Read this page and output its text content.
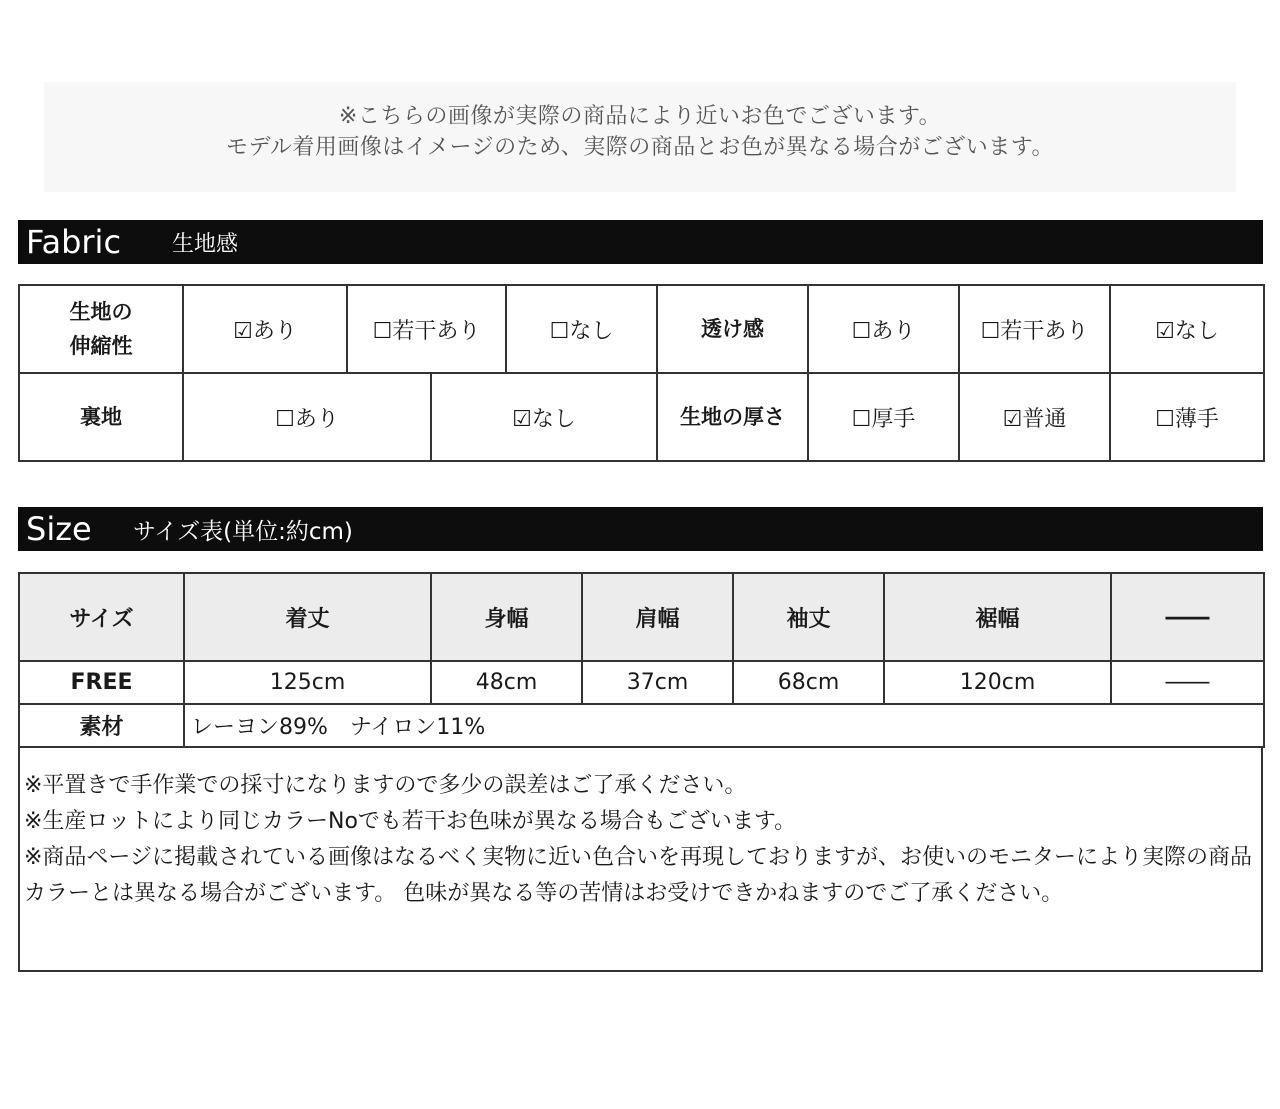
※こちらの画像が実際の商品により近いお色でございます。
モデル着用画像はイメージのため、実際の商品とお色が異なる場合がございます。
Fabric 生地感
生地の
伸縮性	☑あり	☐若干あり		☐なし	透け感	☐あり	☐若干あり	☑なし
裏地	☐あり		☑なし		生地の厚さ	☐厚手	☑普通	☐薄手
Size サイズ表(単位:約cm)
サイズ	着丈	身幅	肩幅	袖丈	裾幅	――
FREE	125cm	48cm	37cm	68cm	120cm	――
素材	レーヨン89%　ナイロン11%					

※平置きで手作業での採寸になりますので多少の誤差はご了承ください。

※生産ロットにより同じカラーNoでも若干お色味が異なる場合もございます。

※商品ページに掲載されている画像はなるべく実物に近い色合いを再現しておりますが、お使いのモニターにより実際の商品カラーとは異なる場合がございます。 色味が異なる等の苦情はお受けできかねますのでご了承ください。
